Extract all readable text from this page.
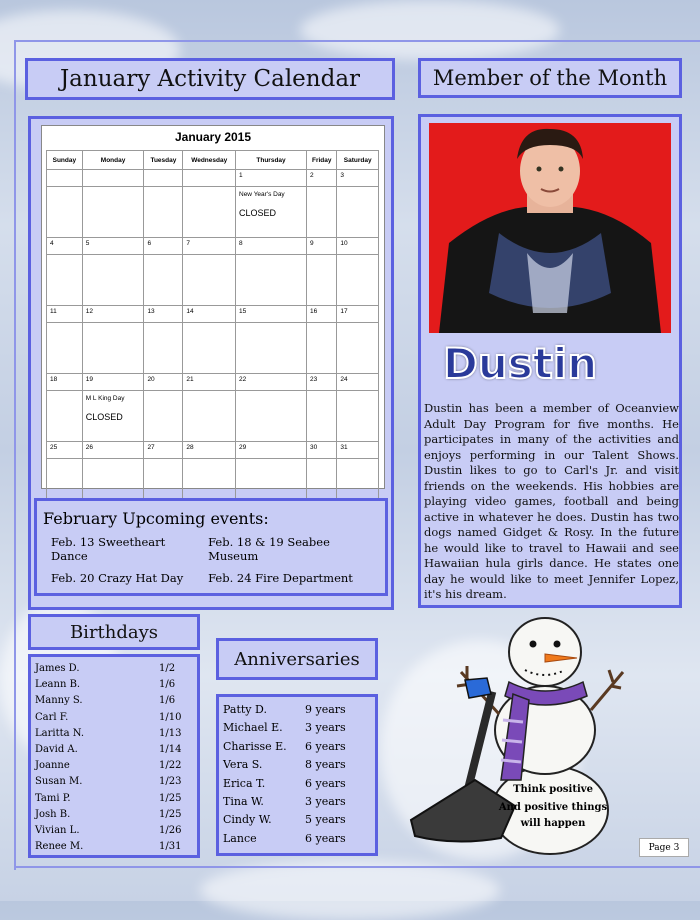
January Activity Calendar
January 2015
Sunday	Monday	Tuesday	Wednesday	Thursday	Friday	Saturday
				1	2	3

				New Year's Day
CLOSED		

4	5	6	7	8	9	10

11	12	13	14	15	16	17

18	19	20	21	22	23	24

	M L King Day
CLOSED					

25	26	27	28	29	30	31

February Upcoming events:
Feb. 13 Sweetheart Dance	Feb. 18 & 19 Seabee Museum
Feb. 20 Crazy Hat Day	Feb. 24 Fire Department
Member of the Month
Dustin
Dustin has been a member of Oceanview Adult Day Program for five months. He participates in many of the activities and enjoys performing in our Talent Shows. Dustin likes to go to Carl's Jr. and visit friends on the weekends. His hobbies are playing video games, football and being active in whatever he does. Dustin has two dogs named Gidget & Rosy. In the future he would like to travel to Hawaii and see Hawaiian hula girls dance. He states one day he would like to meet Jennifer Lopez, it's his dream.
Birthdays
James D.	1/2
Leann B.	1/6
Manny S.	1/6
Carl F.	1/10
Laritta N.	1/13
David A.	1/14
Joanne	1/22
Susan M.	1/23
Tami P.	1/25
Josh B.	1/25
Vivian L.	1/26
Renee M.	1/31
Anniversaries
Patty D.	9 years
Michael E.	3 years
Charisse E.	6 years
Vera S.	8 years
Erica T.	6 years
Tina W.	3 years
Cindy W.	5 years
Lance	6 years
Think positive
And positive things
will happen
Page 3
